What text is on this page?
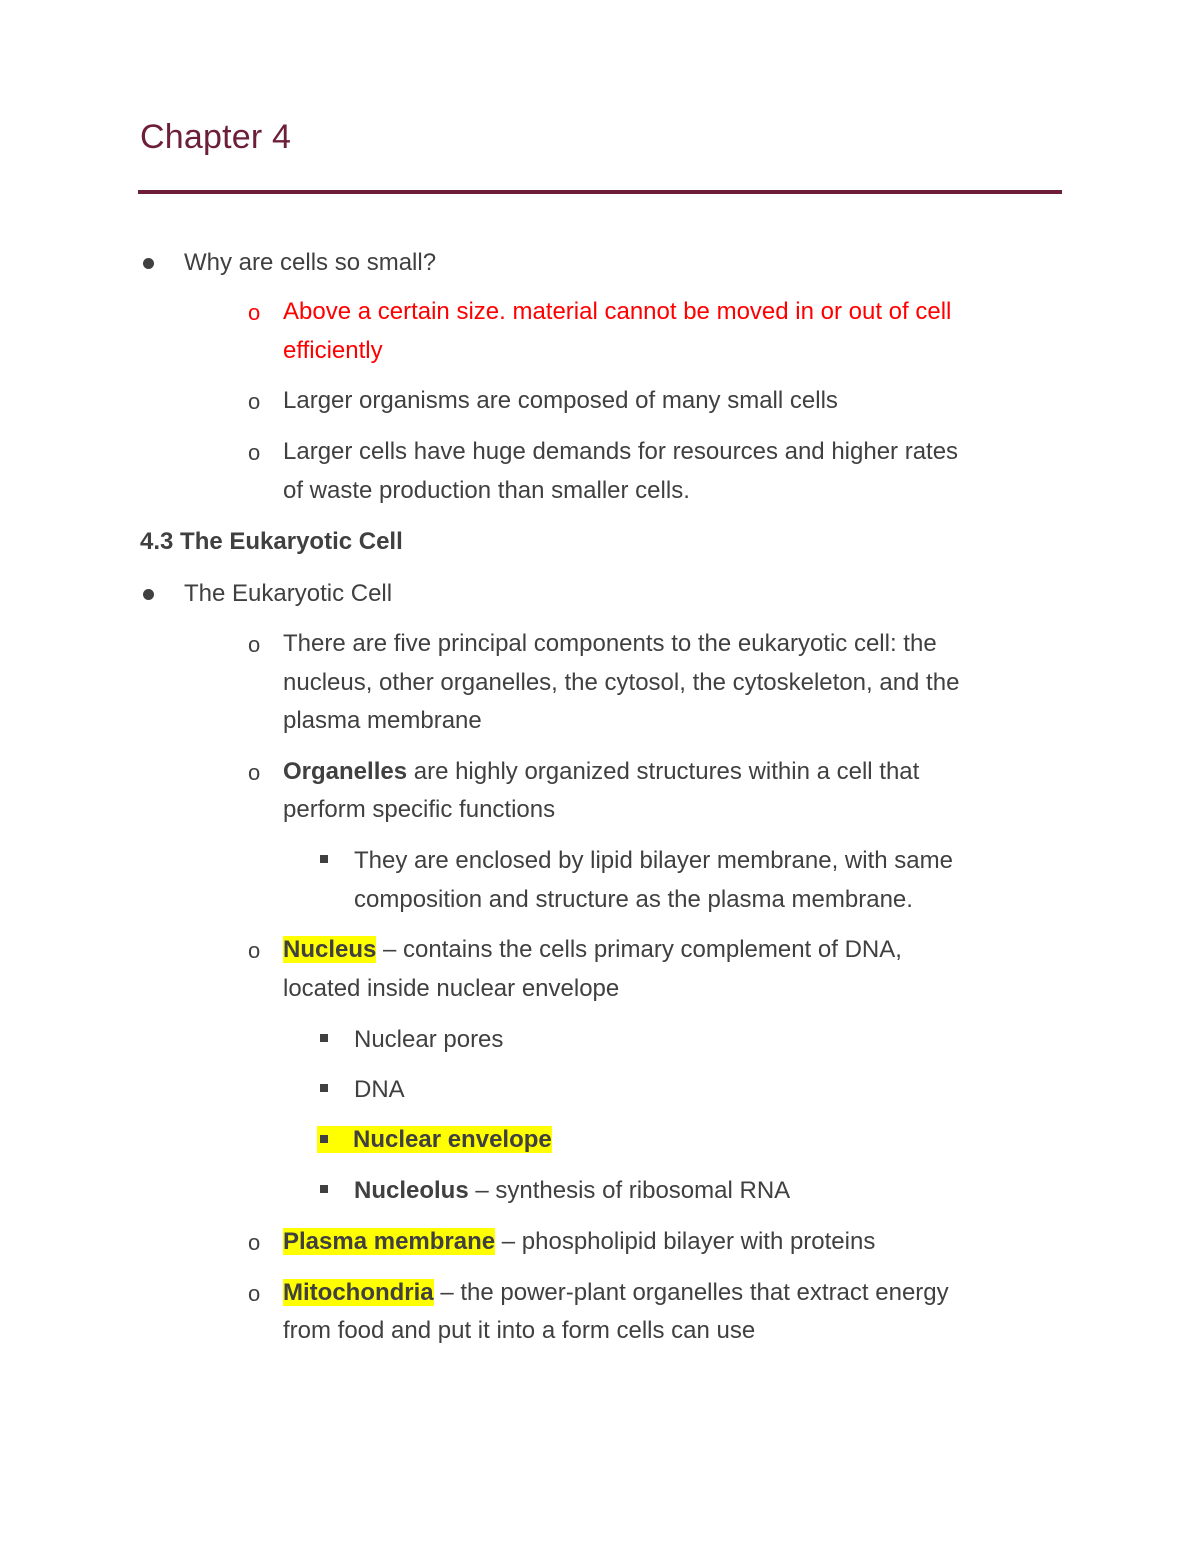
Chapter 4
Why are cells so small?
o Above a certain size. material cannot be moved in or out of cell
efficiently
o Larger organisms are composed of many small cells
o Larger cells have huge demands for resources and higher rates
of waste production than smaller cells.
4.3 The Eukaryotic Cell
The Eukaryotic Cell
o There are five principal components to the eukaryotic cell: the
nucleus, other organelles, the cytosol, the cytoskeleton, and the
plasma membrane
o Organelles are highly organized structures within a cell that
perform specific functions
They are enclosed by lipid bilayer membrane, with same
composition and structure as the plasma membrane.
o Nucleus – contains the cells primary complement of DNA,
located inside nuclear envelope
Nuclear pores
DNA
Nuclear envelope
Nucleolus – synthesis of ribosomal RNA
o Plasma membrane – phospholipid bilayer with proteins
o Mitochondria – the power-plant organelles that extract energy
from food and put it into a form cells can use
